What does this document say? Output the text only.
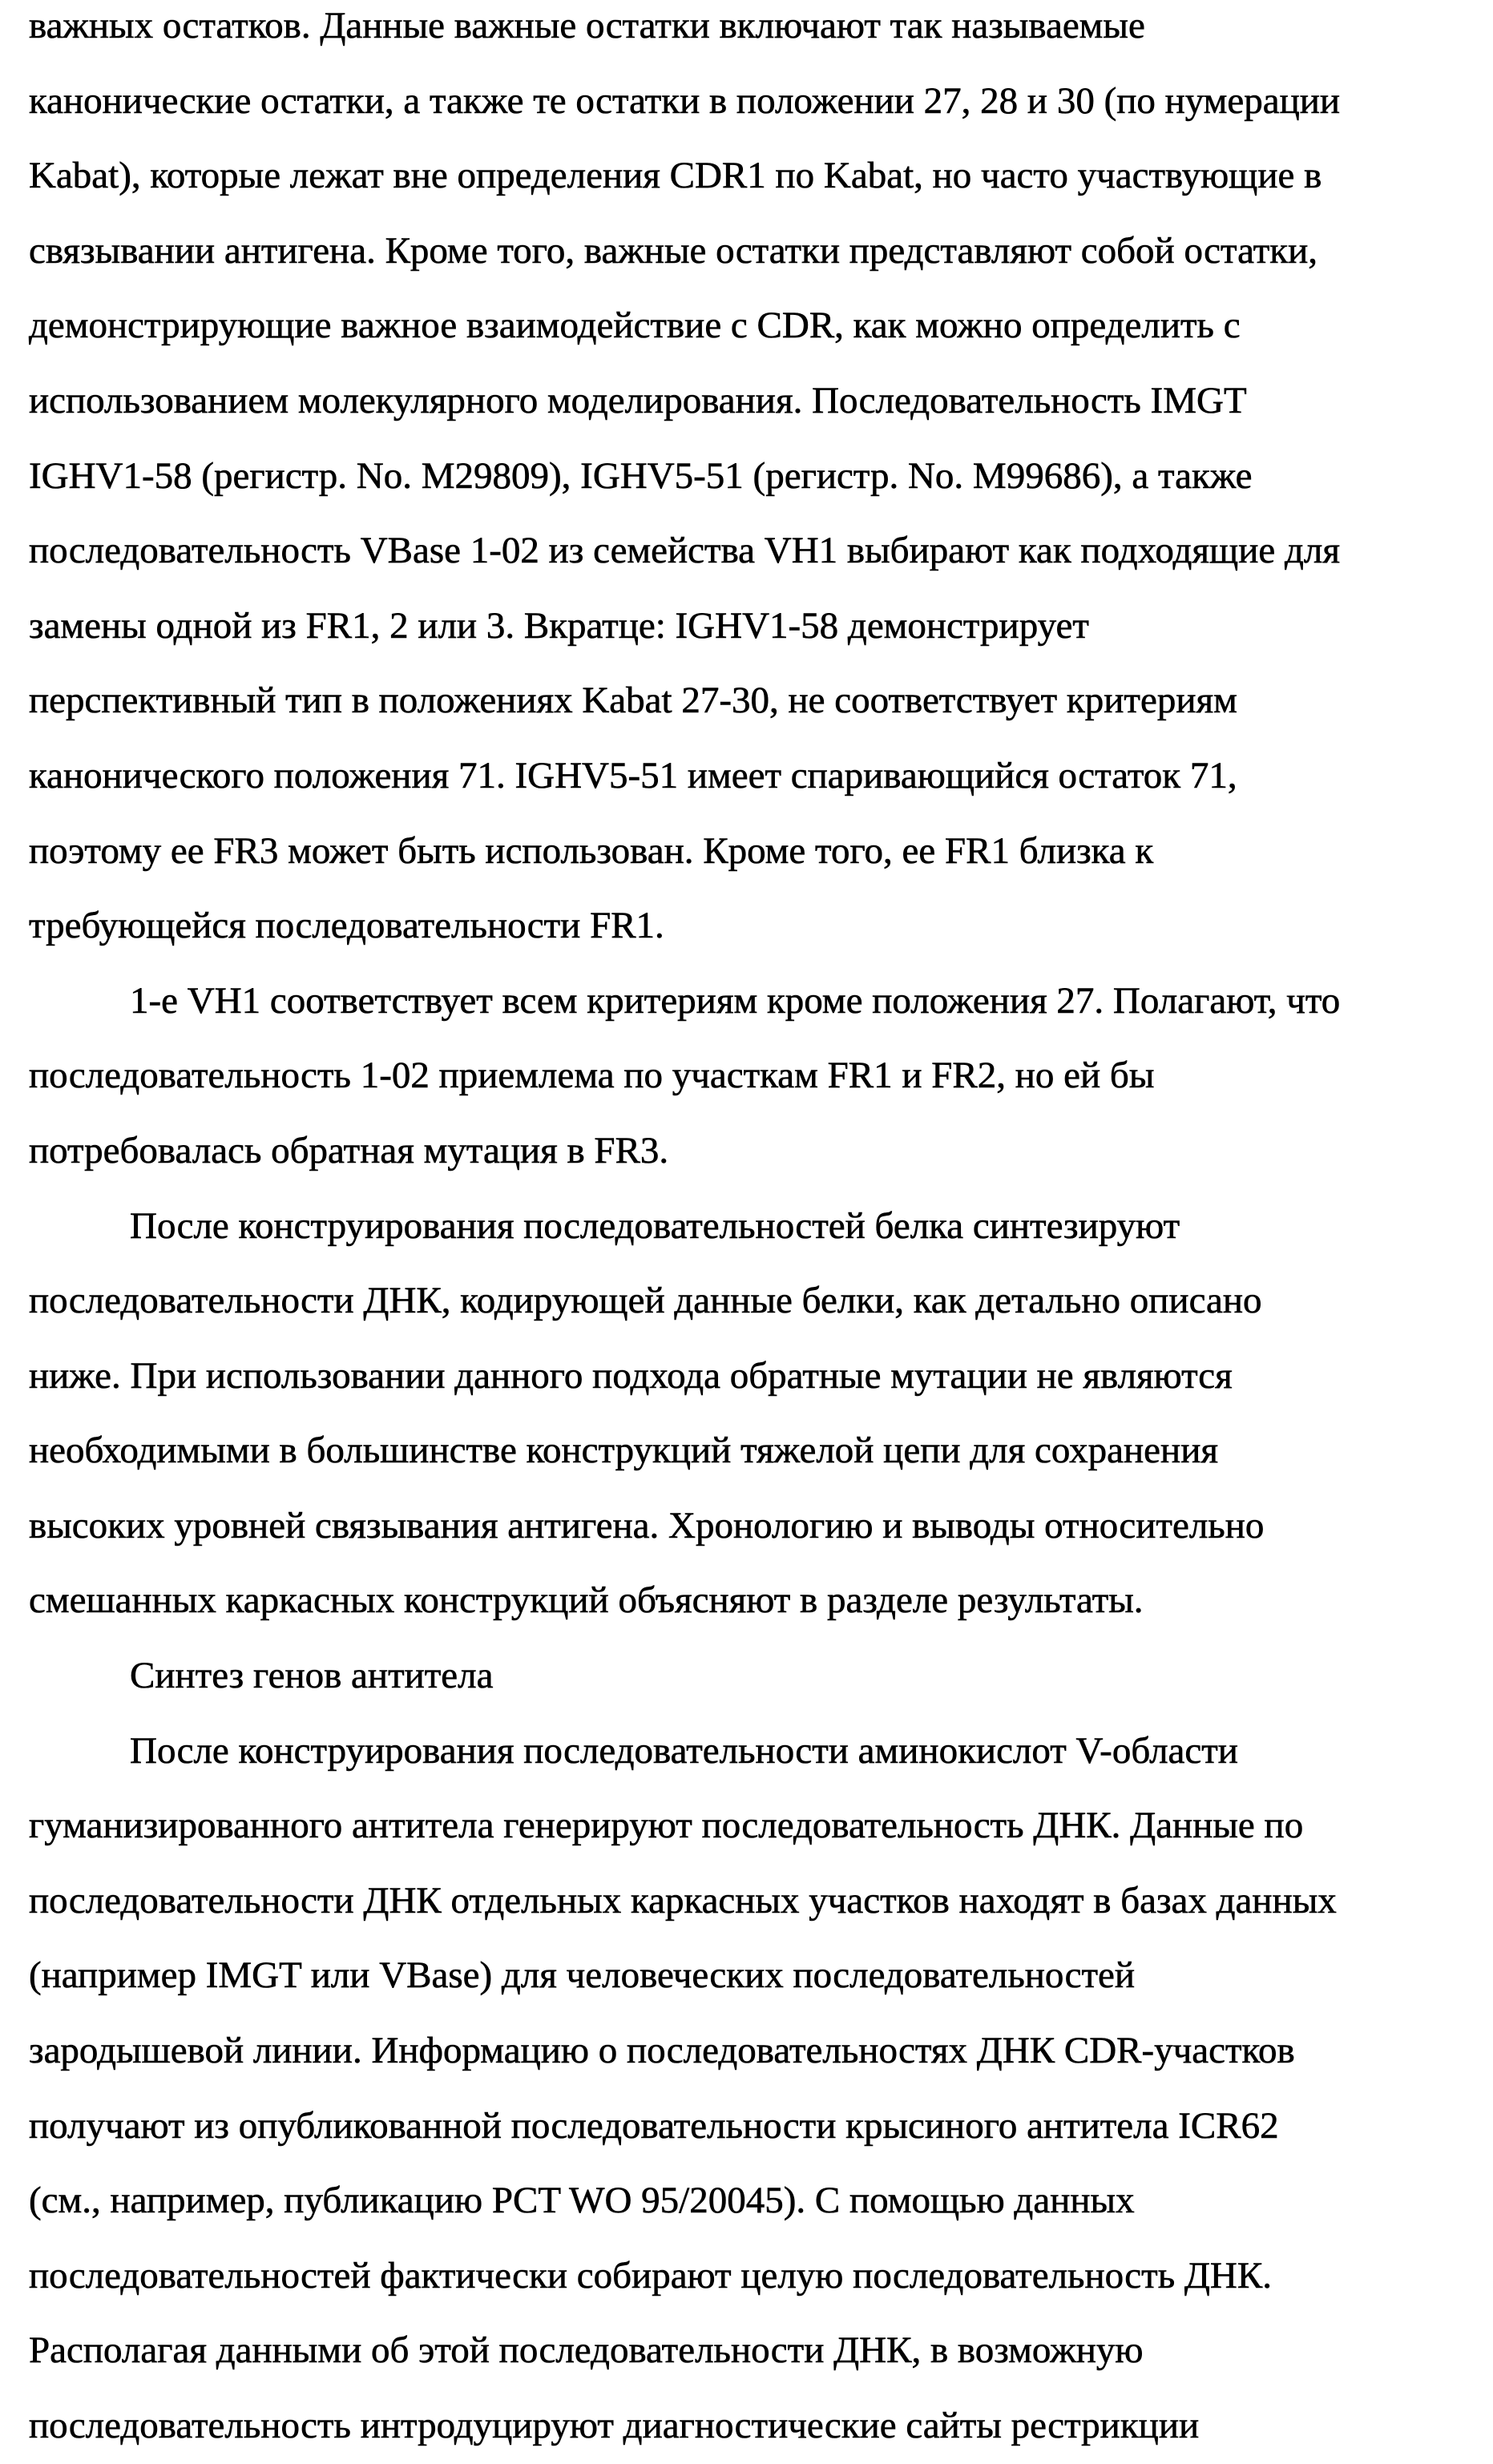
важных остатков. Данные важные остатки включают так называемые
канонические остатки, а также те остатки в положении 27, 28 и 30 (по нумерации
Kabat), которые лежат вне определения CDR1 по Kabat, но часто участвующие в
связывании антигена. Кроме того, важные остатки представляют собой остатки,
демонстрирующие важное взаимодействие с CDR, как можно определить с
использованием молекулярного моделирования. Последовательность IMGT
IGHV1-58 (регистр. No. M29809), IGHV5-51 (регистр. No. M99686), а также
последовательность VBase 1-02 из семейства VH1 выбирают как подходящие для
замены одной из FR1, 2 или 3. Вкратце: IGHV1-58 демонстрирует
перспективный тип в положениях Kabat 27-30, не соответствует критериям
канонического положения 71. IGHV5-51 имеет спаривающийся остаток 71,
поэтому ее FR3 может быть использован. Кроме того, ее FR1 близка к
требующейся последовательности FR1.
1-е VH1 соответствует всем критериям кроме положения 27. Полагают, что
последовательность 1-02 приемлема по участкам FR1 и FR2, но ей бы
потребовалась обратная мутация в FR3.
После конструирования последовательностей белка синтезируют
последовательности ДНК, кодирующей данные белки, как детально описано
ниже. При использовании данного подхода обратные мутации не являются
необходимыми в большинстве конструкций тяжелой цепи для сохранения
высоких уровней связывания антигена. Хронологию и выводы относительно
смешанных каркасных конструкций объясняют в разделе результаты.
Синтез генов антитела
После конструирования последовательности аминокислот V-области
гуманизированного антитела генерируют последовательность ДНК. Данные по
последовательности ДНК отдельных каркасных участков находят в базах данных
(например IMGT или VBase) для человеческих последовательностей
зародышевой линии. Информацию о последовательностях ДНК CDR-участков
получают из опубликованной последовательности крысиного антитела ICR62
(см., например, публикацию PCT WO 95/20045). С помощью данных
последовательностей фактически собирают целую последовательность ДНК.
Располагая данными об этой последовательности ДНК, в возможную
последовательность интродуцируют диагностические сайты рестрикции
